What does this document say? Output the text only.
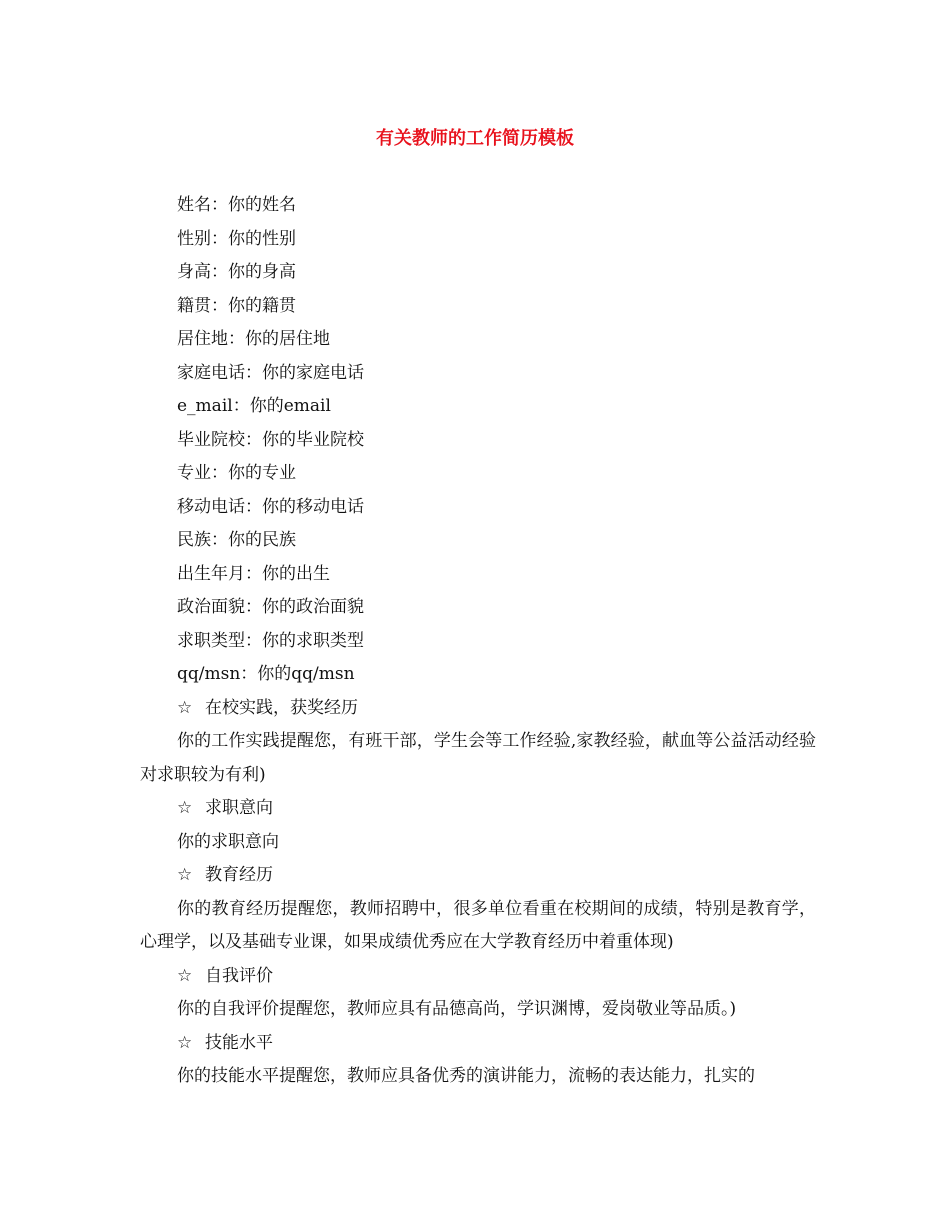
有关教师的工作简历模板

姓名：你的姓名

性别：你的性别

身高：你的身高

籍贯：你的籍贯

居住地：你的居住地

家庭电话：你的家庭电话

e_mail：你的email

毕业院校：你的毕业院校

专业：你的专业

移动电话：你的移动电话

民族：你的民族

出生年月：你的出生

政治面貌：你的政治面貌

求职类型：你的求职类型

qq/msn：你的qq/msn

☆ 在校实践，获奖经历

你的工作实践提醒您，有班干部，学生会等工作经验,家教经验，献血等公益活动经验对求职较为有利)

☆ 求职意向

你的求职意向

☆ 教育经历

你的教育经历提醒您，教师招聘中，很多单位看重在校期间的成绩，特别是教育学，心理学，以及基础专业课，如果成绩优秀应在大学教育经历中着重体现)

☆ 自我评价

你的自我评价提醒您，教师应具有品德高尚，学识渊博，爱岗敬业等品质。)

☆ 技能水平

你的技能水平提醒您，教师应具备优秀的演讲能力，流畅的表达能力，扎实的
